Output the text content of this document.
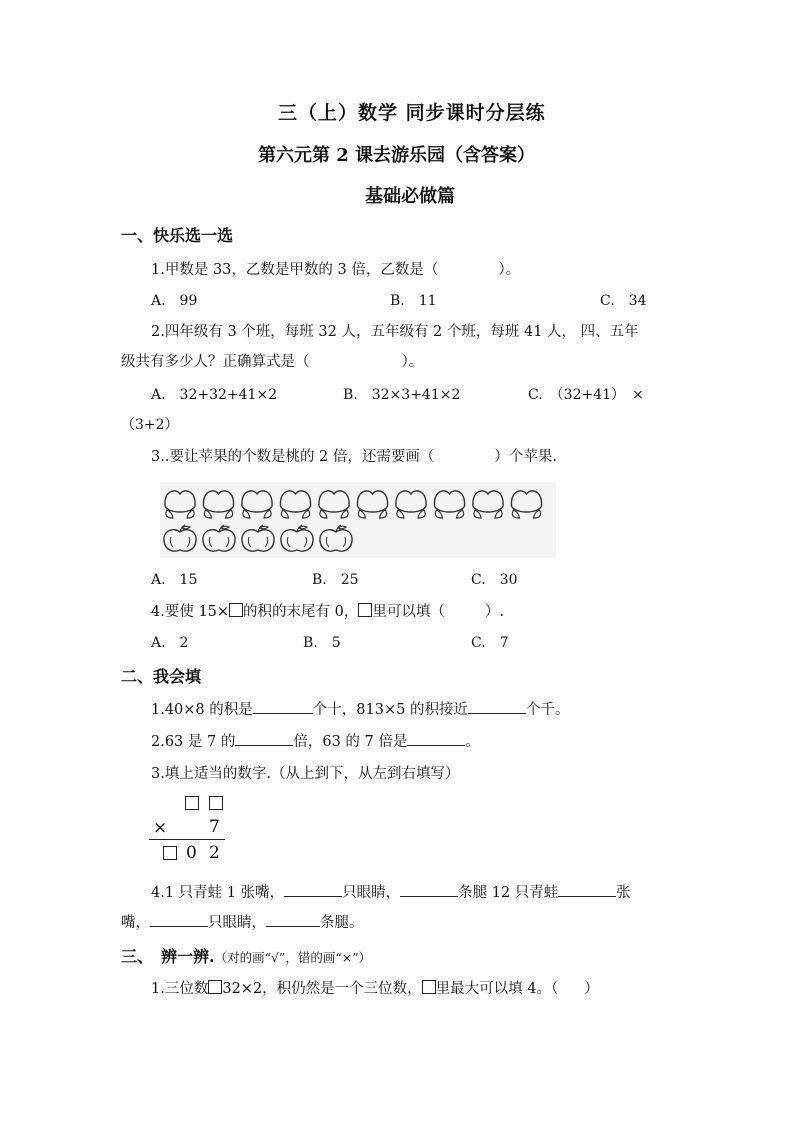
三（上）数学 同步课时分层练
第六元第 2 课去游乐园（含答案）
基础必做篇
一、快乐选一选
1.甲数是 33，乙数是甲数的 3 倍，乙数是（	）。
A.　99	B.　11	C.　34
2.四年级有 3 个班，每班 32 人，五年级有 2 个班，每班 41 人， 四、五年
级共有多少人？正确算式是（	）。
A.　32+32+41×2	B.　32×3+41×2	C.　（32+41）　×
（3+2）
3..要让苹果的个数是桃的 2 倍，还需要画（	）个苹果.
A.　15	B.　25	C.　30
4.要使 15× 的积的末尾有 0， 里可以填（	）.
A.　2	B.　5	C.　7
二、我会填
1.40×8 的积是	个十，813×5 的积接近	个千。
2.63 是 7 的	倍，63 的 7 倍是	。
3.填上适当的数字.（从上到下，从左到右填写）
× 7
0 2
4.1 只青蛙 1 张嘴，	只眼睛，	条腿 12 只青蛙	张
嘴，	只眼睛，	条腿。
三、　辨一辨.（对的画“√”，错的画“×”）
1.三位数 32×2，积仍然是一个三位数， 里最大可以填 4。（ ）
